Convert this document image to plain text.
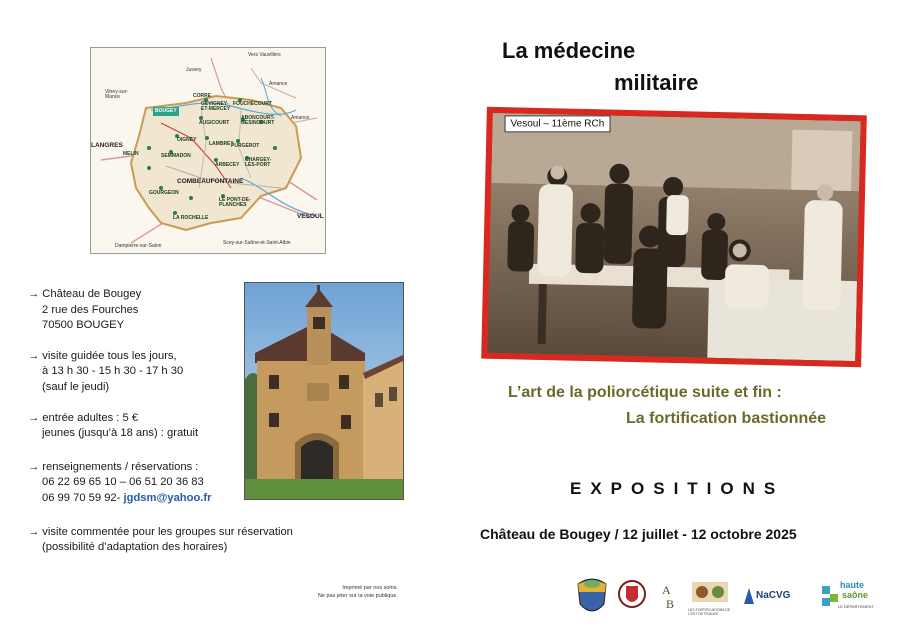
Vers Vauvillers
Jussey
Amance
Vitrey-sur-Mance
BOUGEY
CORRE
GEVIGNEY-ET-MERCEY
FOUCHÉCOURT
AUGICOURT
ABONCOURT-GESINCOURT
LANGRES
MELIN	SEMMADON
OIGNEY
LAMBREY
PURGEROT
ARBECEY
CHARGEY-LÈS-PORT
COMBEAUFONTAINE
GOURGEON
LA ROCHELLE
LE PONT-DE-PLANCHES
VESOUL
Amance
Dampierre-sur-Salon	Scey-sur-Saône-et-Saint-Albin
→ Château de Bougey
2 rue des Fourches
70500 BOUGEY
→ visite guidée tous les jours,
à 13 h 30 - 15 h 30 - 17 h 30
(sauf le jeudi)
→ entrée adultes : 5 €
jeunes (jusqu’à 18 ans) : gratuit
→ renseignements / réservations :
06 22 69 65 10 – 06 51 20 36 83
06 99 70 59 92- jgdsm@yahoo.fr
→ visite commentée pour les groupes sur réservation
(possibilité d’adaptation des horaires)
Imprimé par nos soins.
Ne pas jeter sur la voie publique.
La médecine
militaire
Vesoul – 11ème RCh
L’art de la poliorcétique suite et fin :
La fortification bastionnée
EXPOSITIONS
Château de Bougey / 12 juillet - 12 octobre 2025
A
B	LES FORTIFICATIONS DE L'EST DE FRANCE
NaCVG
haute
saône
LE DÉPARTEMENT
